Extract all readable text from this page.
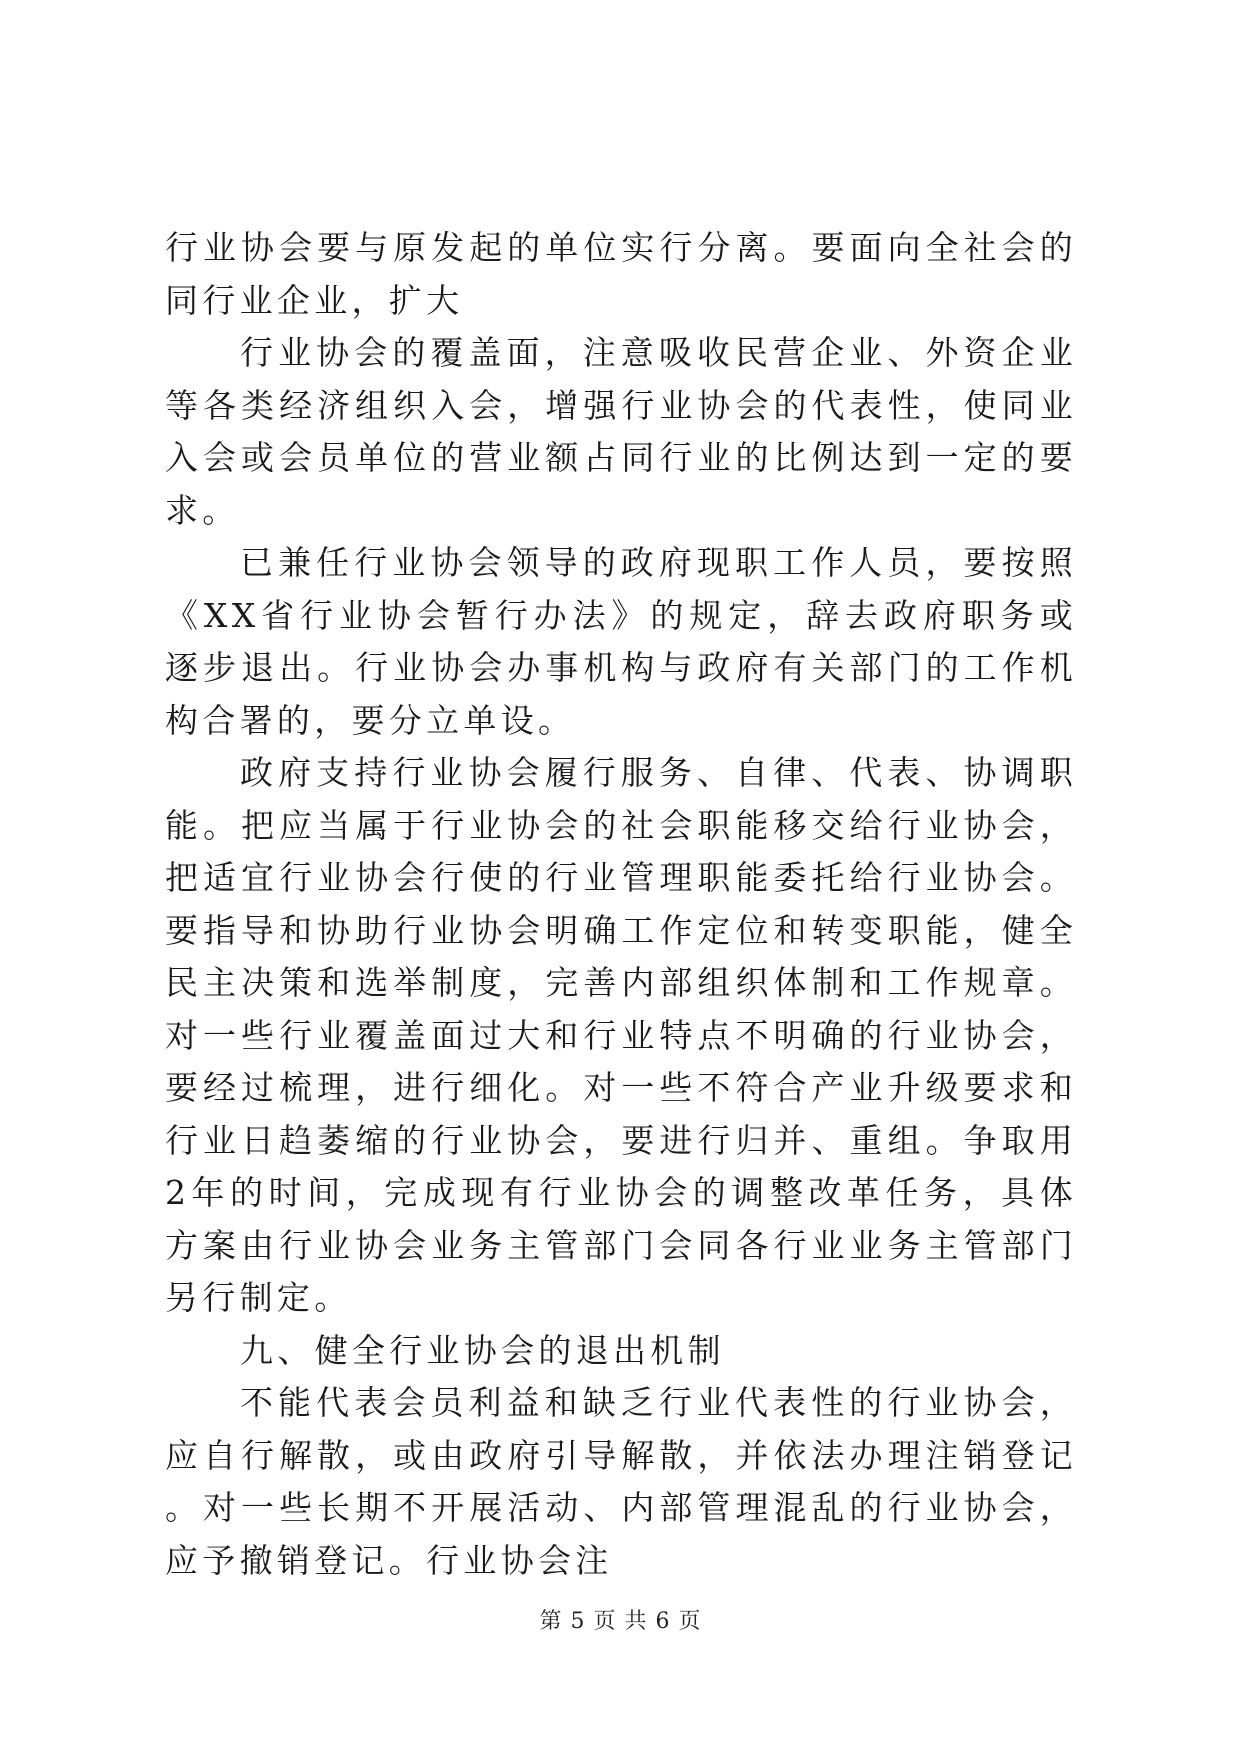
行业协会要与原发起的单位实行分离。要面向全社会的同行业企业，扩大

行业协会的覆盖面，注意吸收民营企业、外资企业等各类经济组织入会，增强行业协会的代表性，使同业入会或会员单位的营业额占同行业的比例达到一定的要求。

已兼任行业协会领导的政府现职工作人员，要按照《XX省行业协会暂行办法》的规定，辞去政府职务或逐步退出。行业协会办事机构与政府有关部门的工作机构合署的，要分立单设。

政府支持行业协会履行服务、自律、代表、协调职能。把应当属于行业协会的社会职能移交给行业协会，把适宜行业协会行使的行业管理职能委托给行业协会。要指导和协助行业协会明确工作定位和转变职能，健全民主决策和选举制度，完善内部组织体制和工作规章。对一些行业覆盖面过大和行业特点不明确的行业协会，要经过梳理，进行细化。对一些不符合产业升级要求和行业日趋萎缩的行业协会，要进行归并、重组。争取用2年的时间，完成现有行业协会的调整改革任务，具体方案由行业协会业务主管部门会同各行业业务主管部门另行制定。

九、健全行业协会的退出机制

不能代表会员利益和缺乏行业代表性的行业协会，应自行解散，或由政府引导解散，并依法办理注销登记。对一些长期不开展活动、内部管理混乱的行业协会，应予撤销登记。行业协会注

第 5 页 共 6 页
